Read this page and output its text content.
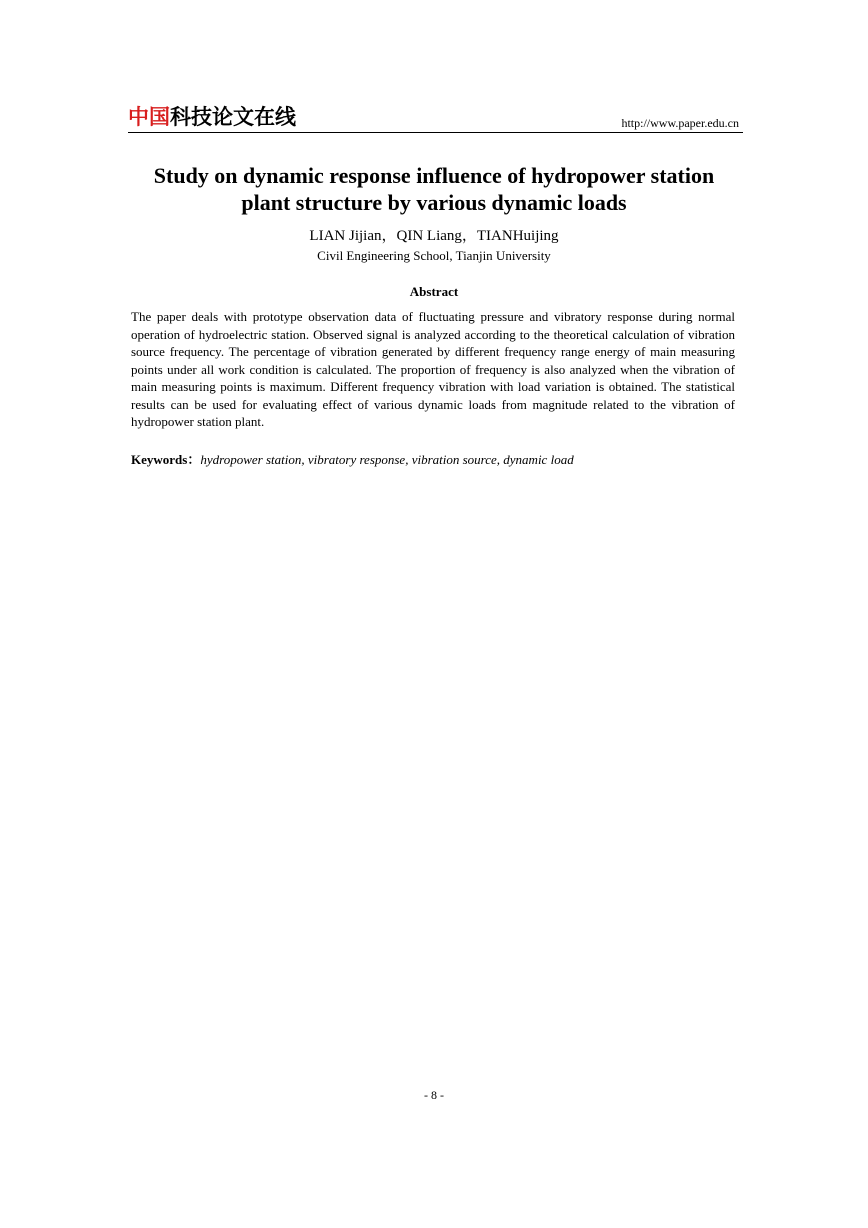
中国科技论文在线	http://www.paper.edu.cn
Study on dynamic response influence of hydropower station
plant structure by various dynamic loads
LIAN Jijian，QIN Liang，TIANHuijing
Civil Engineering School, Tianjin University
Abstract
The paper deals with prototype observation data of fluctuating pressure and vibratory response during normal operation of hydroelectric station. Observed signal is analyzed according to the theoretical calculation of vibration source frequency. The percentage of vibration generated by different frequency range energy of main measuring points under all work condition is calculated. The proportion of frequency is also analyzed when the vibration of main measuring points is maximum. Different frequency vibration with load variation is obtained. The statistical results can be used for evaluating effect of various dynamic loads from magnitude related to the vibration of hydropower station plant.
Keywords：hydropower station, vibratory response, vibration source, dynamic load
- 8 -
